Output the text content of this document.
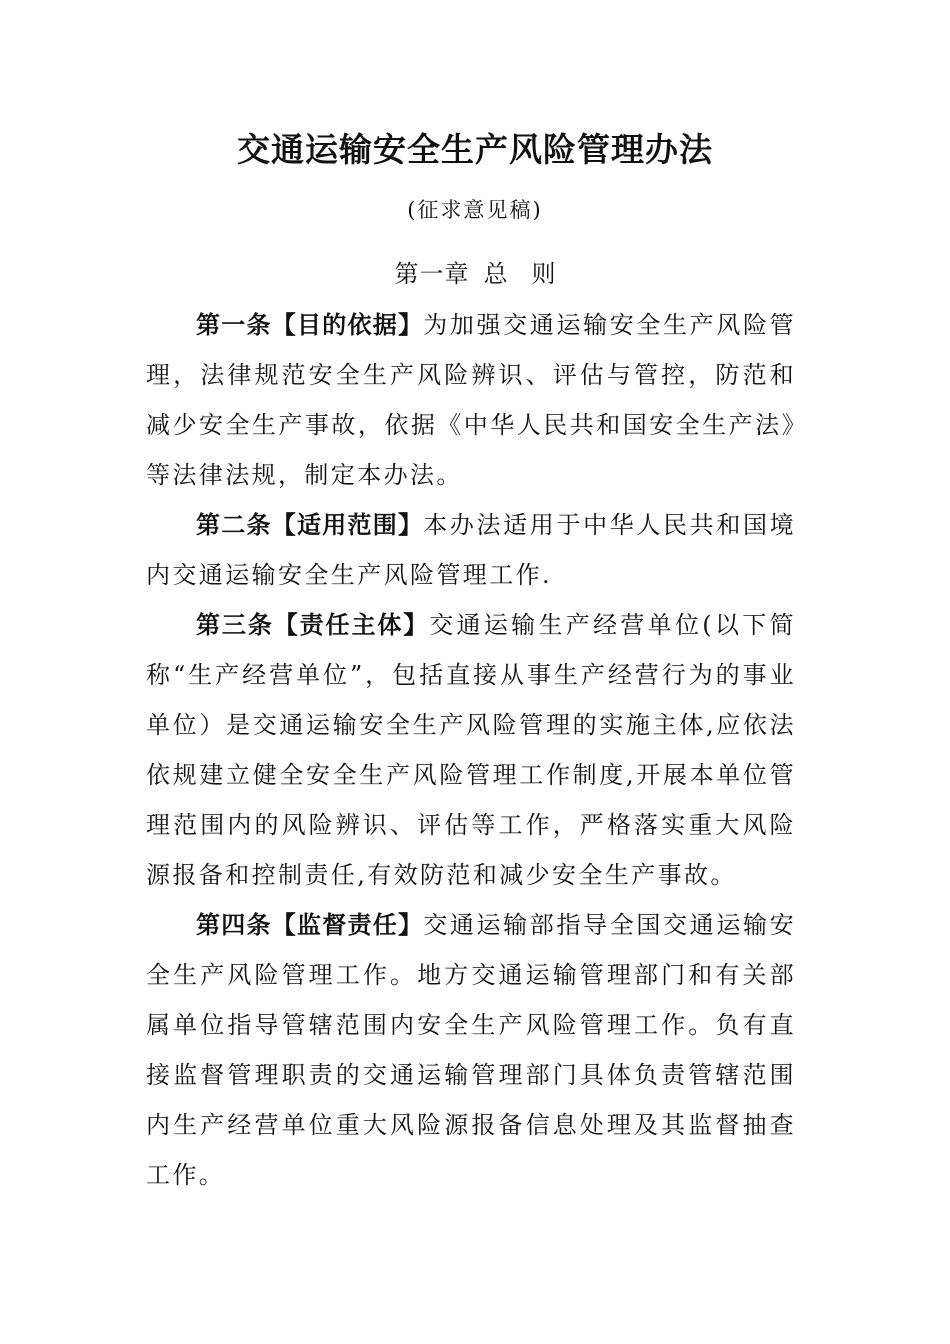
交通运输安全生产风险管理办法

(征求意见稿)

第一章 总 则

第一条【目的依据】为加强交通运输安全生产风险管理，法律规范安全生产风险辨识、评估与管控，防范和减少安全生产事故，依据《中华人民共和国安全生产法》等法律法规，制定本办法。

第二条【适用范围】本办法适用于中华人民共和国境内交通运输安全生产风险管理工作.

第三条【责任主体】交通运输生产经营单位(以下简称“生产经营单位”，包括直接从事生产经营行为的事业单位）是交通运输安全生产风险管理的实施主体,应依法依规建立健全安全生产风险管理工作制度,开展本单位管理范围内的风险辨识、评估等工作，严格落实重大风险源报备和控制责任,有效防范和减少安全生产事故。

第四条【监督责任】交通运输部指导全国交通运输安全生产风险管理工作。地方交通运输管理部门和有关部属单位指导管辖范围内安全生产风险管理工作。负有直接监督管理职责的交通运输管理部门具体负责管辖范围内生产经营单位重大风险源报备信息处理及其监督抽查工作。
